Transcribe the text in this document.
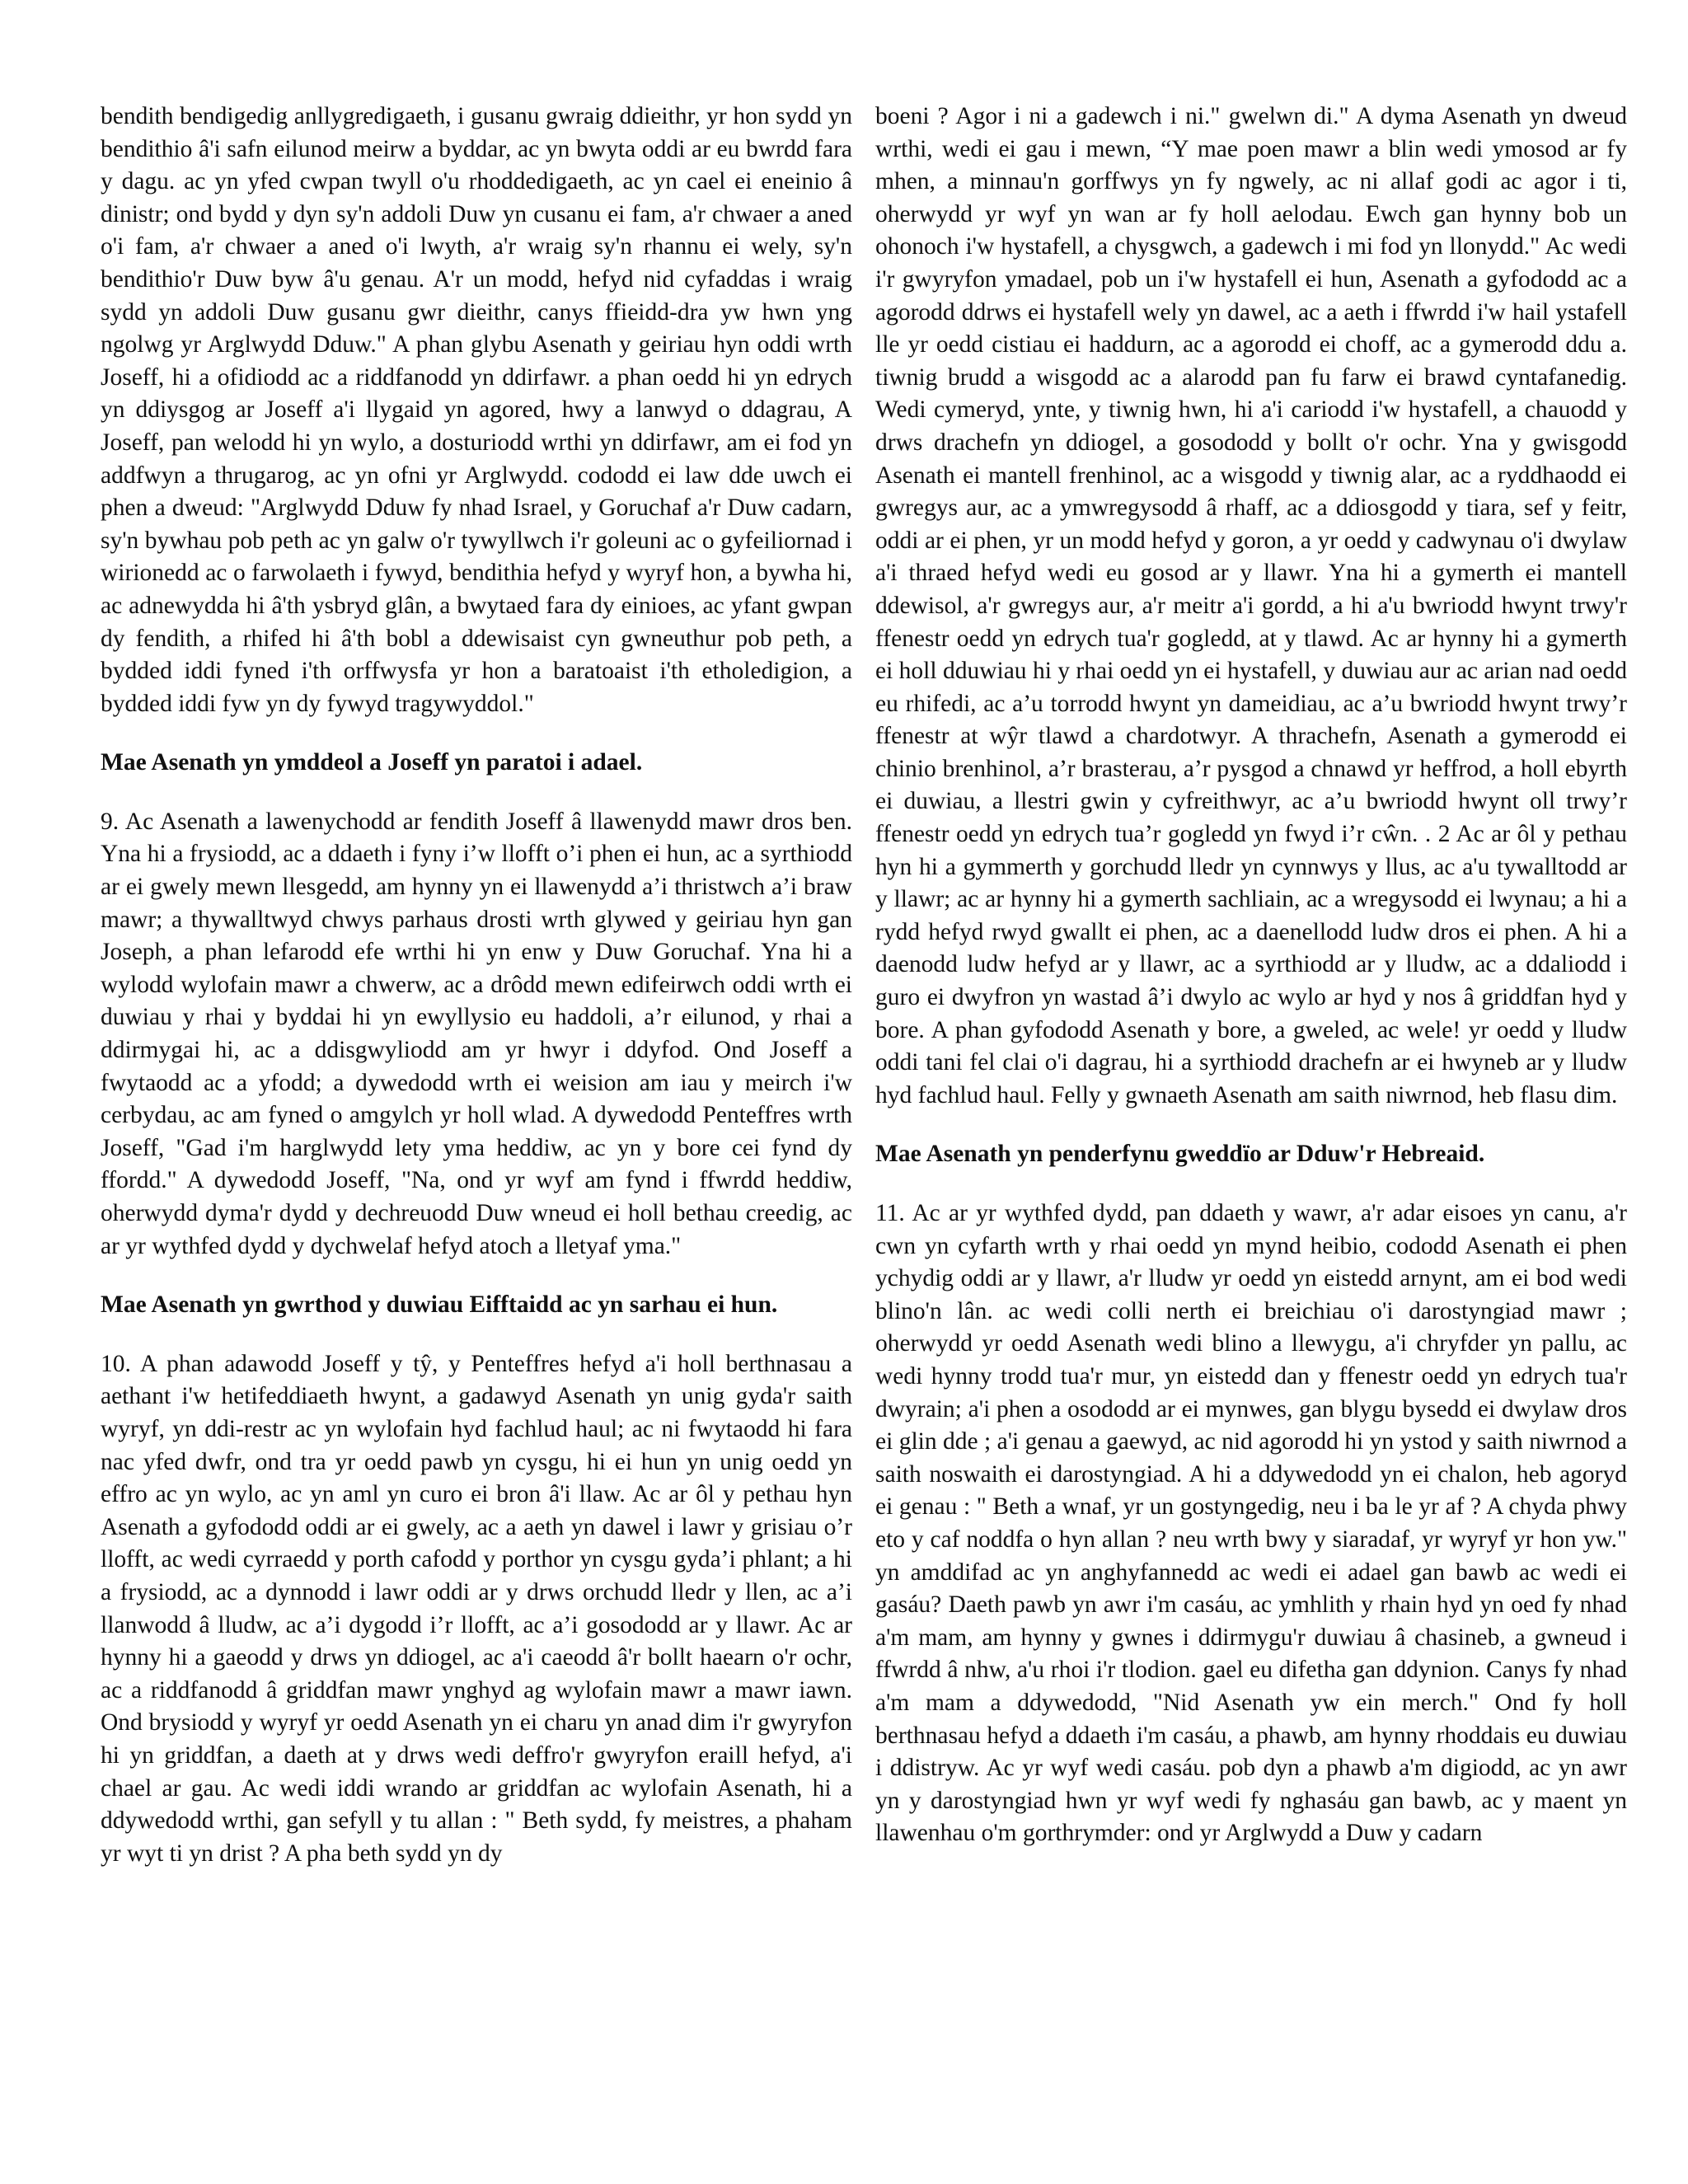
bendith bendigedig anllygredigaeth, i gusanu gwraig ddieithr, yr hon sydd yn bendithio â'i safn eilunod meirw a byddar, ac yn bwyta oddi ar eu bwrdd fara y dagu. ac yn yfed cwpan twyll o'u rhoddedigaeth, ac yn cael ei eneinio â dinistr; ond bydd y dyn sy'n addoli Duw yn cusanu ei fam, a'r chwaer a aned o'i fam, a'r chwaer a aned o'i lwyth, a'r wraig sy'n rhannu ei wely, sy'n bendithio'r Duw byw â'u genau. A'r un modd, hefyd nid cyfaddas i wraig sydd yn addoli Duw gusanu gwr dieithr, canys ffieidd-dra yw hwn yng ngolwg yr Arglwydd Dduw." A phan glybu Asenath y geiriau hyn oddi wrth Joseff, hi a ofidiodd ac a riddfanodd yn ddirfawr. a phan oedd hi yn edrych yn ddiysgog ar Joseff a'i llygaid yn agored, hwy a lanwyd o ddagrau, A Joseff, pan welodd hi yn wylo, a dosturiodd wrthi yn ddirfawr, am ei fod yn addfwyn a thrugarog, ac yn ofni yr Arglwydd. cododd ei law dde uwch ei phen a dweud: "Arglwydd Dduw fy nhad Israel, y Goruchaf a'r Duw cadarn, sy'n bywhau pob peth ac yn galw o'r tywyllwch i'r goleuni ac o gyfeiliornad i wirionedd ac o farwolaeth i fywyd, bendithia hefyd y wyryf hon, a bywha hi, ac adnewydda hi â'th ysbryd glân, a bwytaed fara dy einioes, ac yfant gwpan dy fendith, a rhifed hi â'th bobl a ddewisaist cyn gwneuthur pob peth, a bydded iddi fyned i'th orffwysfa yr hon a baratoaist i'th etholedigion, a bydded iddi fyw yn dy fywyd tragywyddol."

Mae Asenath yn ymddeol a Joseff yn paratoi i adael.

9. Ac Asenath a lawenychodd ar fendith Joseff â llawenydd mawr dros ben. Yna hi a frysiodd, ac a ddaeth i fyny i’w llofft o’i phen ei hun, ac a syrthiodd ar ei gwely mewn llesgedd, am hynny yn ei llawenydd a’i thristwch a’i braw mawr; a thywalltwyd chwys parhaus drosti wrth glywed y geiriau hyn gan Joseph, a phan lefarodd efe wrthi hi yn enw y Duw Goruchaf. Yna hi a wylodd wylofain mawr a chwerw, ac a drôdd mewn edifeirwch oddi wrth ei duwiau y rhai y byddai hi yn ewyllysio eu haddoli, a’r eilunod, y rhai a ddirmygai hi, ac a ddisgwyliodd am yr hwyr i ddyfod. Ond Joseff a fwytaodd ac a yfodd; a dywedodd wrth ei weision am iau y meirch i'w cerbydau, ac am fyned o amgylch yr holl wlad. A dywedodd Penteffres wrth Joseff, "Gad i'm harglwydd lety yma heddiw, ac yn y bore cei fynd dy ffordd." A dywedodd Joseff, "Na, ond yr wyf am fynd i ffwrdd heddiw, oherwydd dyma'r dydd y dechreuodd Duw wneud ei holl bethau creedig, ac ar yr wythfed dydd y dychwelaf hefyd atoch a lletyaf yma."

Mae Asenath yn gwrthod y duwiau Eifftaidd ac yn sarhau ei hun.

10. A phan adawodd Joseff y tŷ, y Penteffres hefyd a'i holl berthnasau a aethant i'w hetifeddiaeth hwynt, a gadawyd Asenath yn unig gyda'r saith wyryf, yn ddi-restr ac yn wylofain hyd fachlud haul; ac ni fwytaodd hi fara nac yfed dwfr, ond tra yr oedd pawb yn cysgu, hi ei hun yn unig oedd yn effro ac yn wylo, ac yn aml yn curo ei bron â'i llaw. Ac ar ôl y pethau hyn Asenath a gyfododd oddi ar ei gwely, ac a aeth yn dawel i lawr y grisiau o’r llofft, ac wedi cyrraedd y porth cafodd y porthor yn cysgu gyda’i phlant; a hi a frysiodd, ac a dynnodd i lawr oddi ar y drws orchudd lledr y llen, ac a’i llanwodd â lludw, ac a’i dygodd i’r llofft, ac a’i gosododd ar y llawr. Ac ar hynny hi a gaeodd y drws yn ddiogel, ac a'i caeodd â'r bollt haearn o'r ochr, ac a riddfanodd â griddfan mawr ynghyd ag wylofain mawr a mawr iawn. Ond brysiodd y wyryf yr oedd Asenath yn ei charu yn anad dim i'r gwyryfon hi yn griddfan, a daeth at y drws wedi deffro'r gwyryfon eraill hefyd, a'i chael ar gau. Ac wedi iddi wrando ar griddfan ac wylofain Asenath, hi a ddywedodd wrthi, gan sefyll y tu allan : " Beth sydd, fy meistres, a phaham yr wyt ti yn drist ? A pha beth sydd yn dy

boeni ? Agor i ni a gadewch i ni." gwelwn di." A dyma Asenath yn dweud wrthi, wedi ei gau i mewn, “Y mae poen mawr a blin wedi ymosod ar fy mhen, a minnau'n gorffwys yn fy ngwely, ac ni allaf godi ac agor i ti, oherwydd yr wyf yn wan ar fy holl aelodau. Ewch gan hynny bob un ohonoch i'w hystafell, a chysgwch, a gadewch i mi fod yn llonydd." Ac wedi i'r gwyryfon ymadael, pob un i'w hystafell ei hun, Asenath a gyfododd ac a agorodd ddrws ei hystafell wely yn dawel, ac a aeth i ffwrdd i'w hail ystafell lle yr oedd cistiau ei haddurn, ac a agorodd ei choff, ac a gymerodd ddu a. tiwnig brudd a wisgodd ac a alarodd pan fu farw ei brawd cyntafanedig. Wedi cymeryd, ynte, y tiwnig hwn, hi a'i cariodd i'w hystafell, a chauodd y drws drachefn yn ddiogel, a gosododd y bollt o'r ochr. Yna y gwisgodd Asenath ei mantell frenhinol, ac a wisgodd y tiwnig alar, ac a ryddhaodd ei gwregys aur, ac a ymwregysodd â rhaff, ac a ddiosgodd y tiara, sef y feitr, oddi ar ei phen, yr un modd hefyd y goron, a yr oedd y cadwynau o'i dwylaw a'i thraed hefyd wedi eu gosod ar y llawr. Yna hi a gymerth ei mantell ddewisol, a'r gwregys aur, a'r meitr a'i gordd, a hi a'u bwriodd hwynt trwy'r ffenestr oedd yn edrych tua'r gogledd, at y tlawd. Ac ar hynny hi a gymerth ei holl dduwiau hi y rhai oedd yn ei hystafell, y duwiau aur ac arian nad oedd eu rhifedi, ac a’u torrodd hwynt yn dameidiau, ac a’u bwriodd hwynt trwy’r ffenestr at wŷr tlawd a chardotwyr. A thrachefn, Asenath a gymerodd ei chinio brenhinol, a’r brasterau, a’r pysgod a chnawd yr heffrod, a holl ebyrth ei duwiau, a llestri gwin y cyfreithwyr, ac a’u bwriodd hwynt oll trwy’r ffenestr oedd yn edrych tua’r gogledd yn fwyd i’r cŵn. . 2 Ac ar ôl y pethau hyn hi a gymmerth y gorchudd lledr yn cynnwys y llus, ac a'u tywalltodd ar y llawr; ac ar hynny hi a gymerth sachliain, ac a wregysodd ei lwynau; a hi a rydd hefyd rwyd gwallt ei phen, ac a daenellodd ludw dros ei phen. A hi a daenodd ludw hefyd ar y llawr, ac a syrthiodd ar y lludw, ac a ddaliodd i guro ei dwyfron yn wastad â’i dwylo ac wylo ar hyd y nos â griddfan hyd y bore. A phan gyfododd Asenath y bore, a gweled, ac wele! yr oedd y lludw oddi tani fel clai o'i dagrau, hi a syrthiodd drachefn ar ei hwyneb ar y lludw hyd fachlud haul. Felly y gwnaeth Asenath am saith niwrnod, heb flasu dim.

Mae Asenath yn penderfynu gweddïo ar Dduw'r Hebreaid.

11. Ac ar yr wythfed dydd, pan ddaeth y wawr, a'r adar eisoes yn canu, a'r cwn yn cyfarth wrth y rhai oedd yn mynd heibio, cododd Asenath ei phen ychydig oddi ar y llawr, a'r lludw yr oedd yn eistedd arnynt, am ei bod wedi blino'n lân. ac wedi colli nerth ei breichiau o'i darostyngiad mawr ; oherwydd yr oedd Asenath wedi blino a llewygu, a'i chryfder yn pallu, ac wedi hynny trodd tua'r mur, yn eistedd dan y ffenestr oedd yn edrych tua'r dwyrain; a'i phen a osododd ar ei mynwes, gan blygu bysedd ei dwylaw dros ei glin dde ; a'i genau a gaewyd, ac nid agorodd hi yn ystod y saith niwrnod a saith noswaith ei darostyngiad. A hi a ddywedodd yn ei chalon, heb agoryd ei genau : " Beth a wnaf, yr un gostyngedig, neu i ba le yr af ? A chyda phwy eto y caf noddfa o hyn allan ? neu wrth bwy y siaradaf, yr wyryf yr hon yw." yn amddifad ac yn anghyfannedd ac wedi ei adael gan bawb ac wedi ei gasáu? Daeth pawb yn awr i'm casáu, ac ymhlith y rhain hyd yn oed fy nhad a'm mam, am hynny y gwnes i ddirmygu'r duwiau â chasineb, a gwneud i ffwrdd â nhw, a'u rhoi i'r tlodion. gael eu difetha gan ddynion. Canys fy nhad a'm mam a ddywedodd, "Nid Asenath yw ein merch." Ond fy holl berthnasau hefyd a ddaeth i'm casáu, a phawb, am hynny rhoddais eu duwiau i ddistryw. Ac yr wyf wedi casáu. pob dyn a phawb a'm digiodd, ac yn awr yn y darostyngiad hwn yr wyf wedi fy nghasáu gan bawb, ac y maent yn llawenhau o'm gorthrymder: ond yr Arglwydd a Duw y cadarn
